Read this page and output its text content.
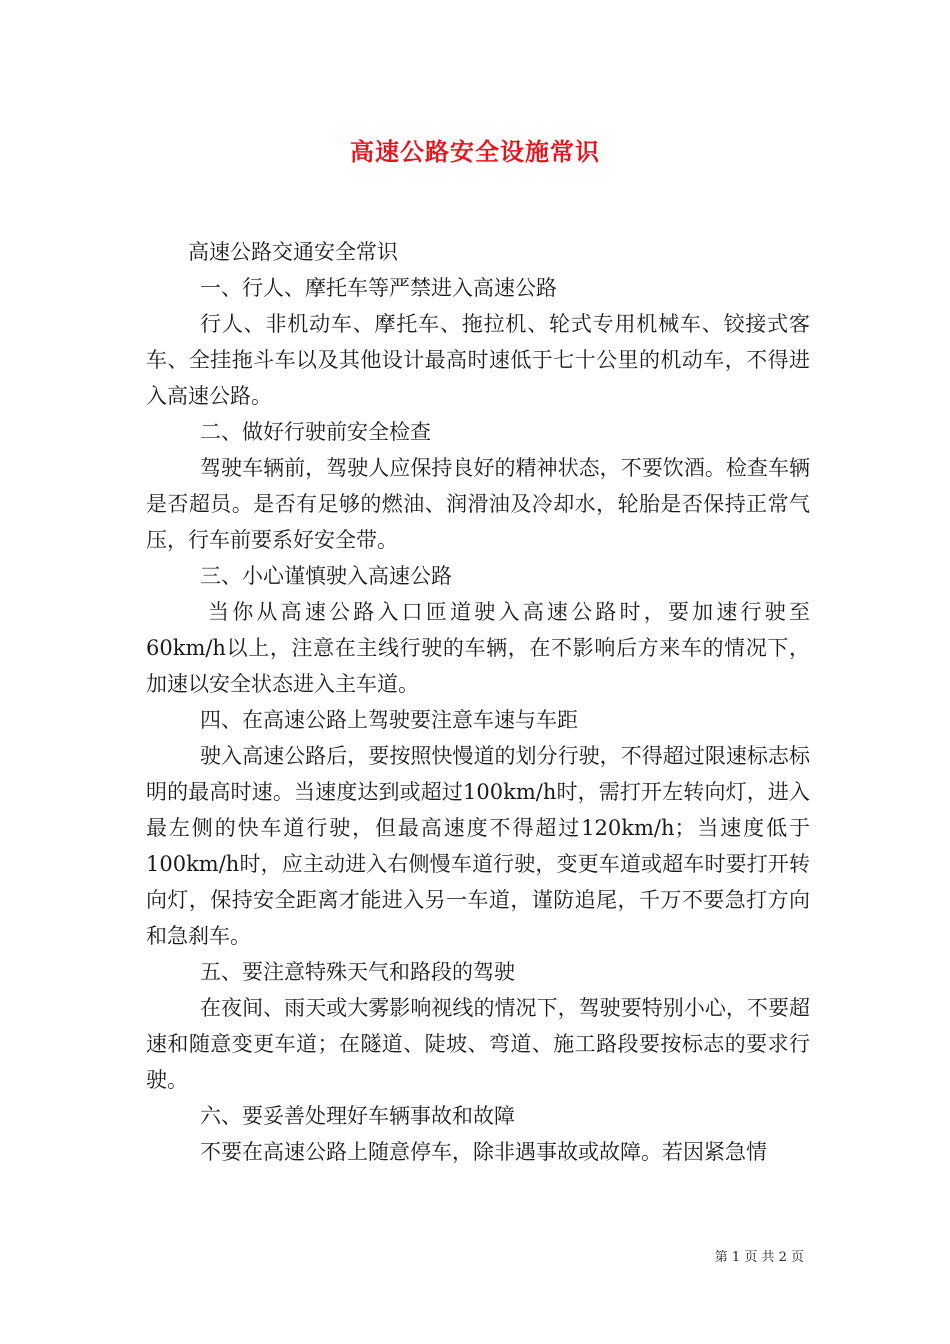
高速公路安全设施常识

高速公路交通安全常识

一、行人、摩托车等严禁进入高速公路

行人、非机动车、摩托车、拖拉机、轮式专用机械车、铰接式客车、全挂拖斗车以及其他设计最高时速低于七十公里的机动车，不得进入高速公路。

二、做好行驶前安全检查

驾驶车辆前，驾驶人应保持良好的精神状态，不要饮酒。检查车辆是否超员。是否有足够的燃油、润滑油及冷却水，轮胎是否保持正常气压，行车前要系好安全带。

三、小心谨慎驶入高速公路

当你从高速公路入口匝道驶入高速公路时，要加速行驶至60km/h以上，注意在主线行驶的车辆，在不影响后方来车的情况下，加速以安全状态进入主车道。

四、在高速公路上驾驶要注意车速与车距

驶入高速公路后，要按照快慢道的划分行驶，不得超过限速标志标明的最高时速。当速度达到或超过100km/h时，需打开左转向灯，进入最左侧的快车道行驶，但最高速度不得超过120km/h；当速度低于100km/h时，应主动进入右侧慢车道行驶，变更车道或超车时要打开转向灯，保持安全距离才能进入另一车道，谨防追尾，千万不要急打方向和急刹车。

五、要注意特殊天气和路段的驾驶

在夜间、雨天或大雾影响视线的情况下，驾驶要特别小心，不要超速和随意变更车道；在隧道、陡坡、弯道、施工路段要按标志的要求行驶。

六、要妥善处理好车辆事故和故障

不要在高速公路上随意停车，除非遇事故或故障。若因紧急情

第 1 页 共 2 页
